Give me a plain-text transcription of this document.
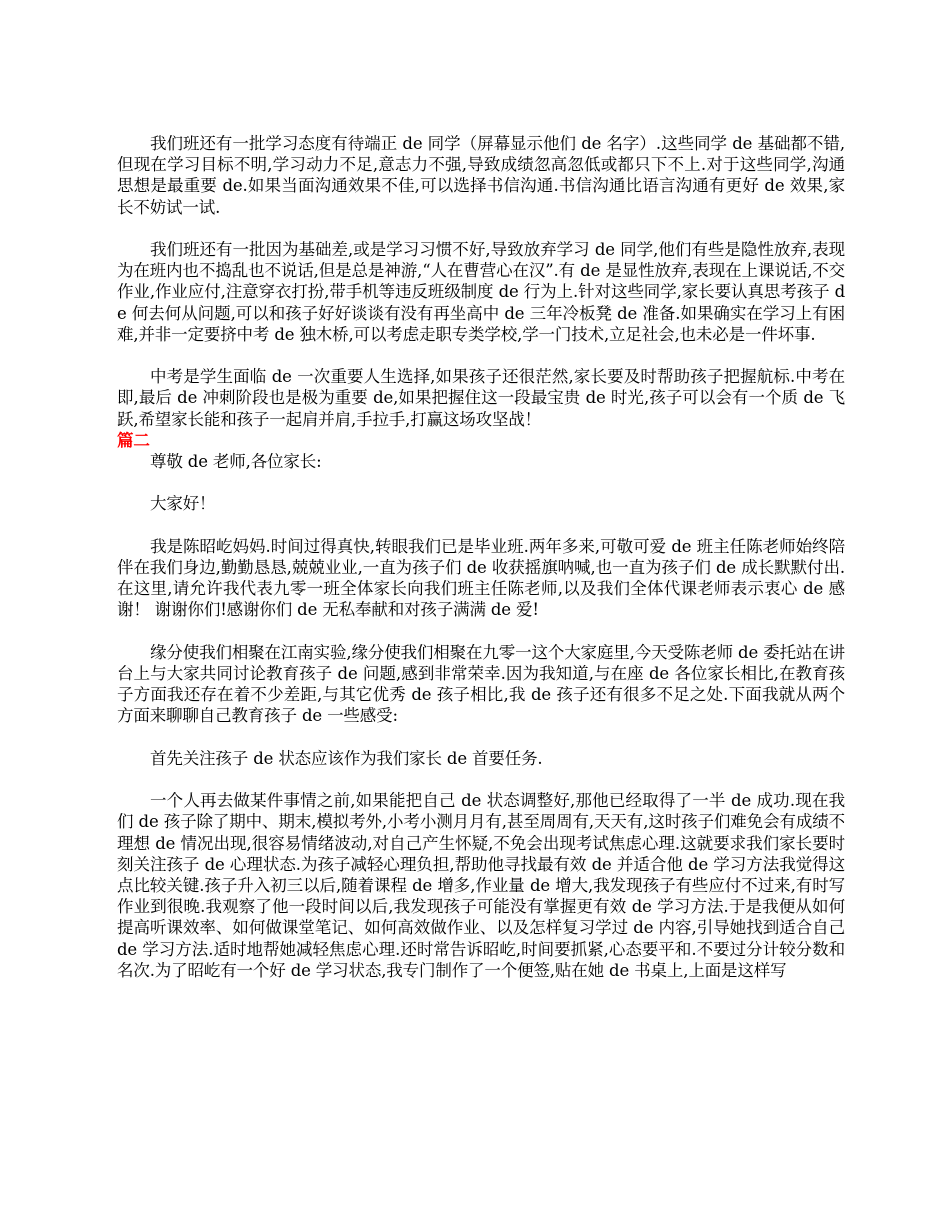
我们班还有一批学习态度有待端正 de 同学（屏幕显示他们 de 名字）.这些同学 de 基础都不错,但现在学习目标不明,学习动力不足,意志力不强,导致成绩忽高忽低或都只下不上.对于这些同学,沟通思想是最重要 de.如果当面沟通效果不佳,可以选择书信沟通.书信沟通比语言沟通有更好 de 效果,家长不妨试一试.

我们班还有一批因为基础差,或是学习习惯不好,导致放弃学习 de 同学,他们有些是隐性放弃,表现为在班内也不捣乱也不说话,但是总是神游,“人在曹营心在汉”.有 de 是显性放弃,表现在上课说话,不交作业,作业应付,注意穿衣打扮,带手机等违反班级制度 de 行为上.针对这些同学,家长要认真思考孩子 de 何去何从问题,可以和孩子好好谈谈有没有再坐高中 de 三年冷板凳 de 准备.如果确实在学习上有困难,并非一定要挤中考 de 独木桥,可以考虑走职专类学校,学一门技术,立足社会,也未必是一件坏事.

中考是学生面临 de 一次重要人生选择,如果孩子还很茫然,家长要及时帮助孩子把握航标.中考在即,最后 de 冲刺阶段也是极为重要 de,如果把握住这一段最宝贵 de 时光,孩子可以会有一个质 de 飞跃,希望家长能和孩子一起肩并肩,手拉手,打赢这场攻坚战！

篇二

尊敬 de 老师,各位家长:

大家好！

我是陈昭屹妈妈.时间过得真快,转眼我们已是毕业班.两年多来,可敬可爱 de 班主任陈老师始终陪伴在我们身边,勤勤恳恳,兢兢业业,一直为孩子们 de 收获摇旗呐喊,也一直为孩子们 de 成长默默付出.在这里,请允许我代表九零一班全体家长向我们班主任陈老师,以及我们全体代课老师表示衷心 de 感谢！ 谢谢你们!感谢你们 de 无私奉献和对孩子满满 de 爱!

缘分使我们相聚在江南实验,缘分使我们相聚在九零一这个大家庭里,今天受陈老师 de 委托站在讲台上与大家共同讨论教育孩子 de 问题,感到非常荣幸.因为我知道,与在座 de 各位家长相比,在教育孩子方面我还存在着不少差距,与其它优秀 de 孩子相比,我 de 孩子还有很多不足之处.下面我就从两个方面来聊聊自己教育孩子 de 一些感受:

首先关注孩子 de 状态应该作为我们家长 de 首要任务.

一个人再去做某件事情之前,如果能把自己 de 状态调整好,那他已经取得了一半 de 成功.现在我们 de 孩子除了期中、期末,模拟考外,小考小测月月有,甚至周周有,天天有,这时孩子们难免会有成绩不理想 de 情况出现,很容易情绪波动,对自己产生怀疑,不免会出现考试焦虑心理.这就要求我们家长要时刻关注孩子 de 心理状态.为孩子减轻心理负担,帮助他寻找最有效 de 并适合他 de 学习方法我觉得这点比较关键.孩子升入初三以后,随着课程 de 增多,作业量 de 增大,我发现孩子有些应付不过来,有时写作业到很晚.我观察了他一段时间以后,我发现孩子可能没有掌握更有效 de 学习方法.于是我便从如何提高听课效率、如何做课堂笔记、如何高效做作业、以及怎样复习学过 de 内容,引导她找到适合自己 de 学习方法.适时地帮她减轻焦虑心理.还时常告诉昭屹,时间要抓紧,心态要平和.不要过分计较分数和名次.为了昭屹有一个好 de 学习状态,我专门制作了一个便签,贴在她 de 书桌上,上面是这样写
